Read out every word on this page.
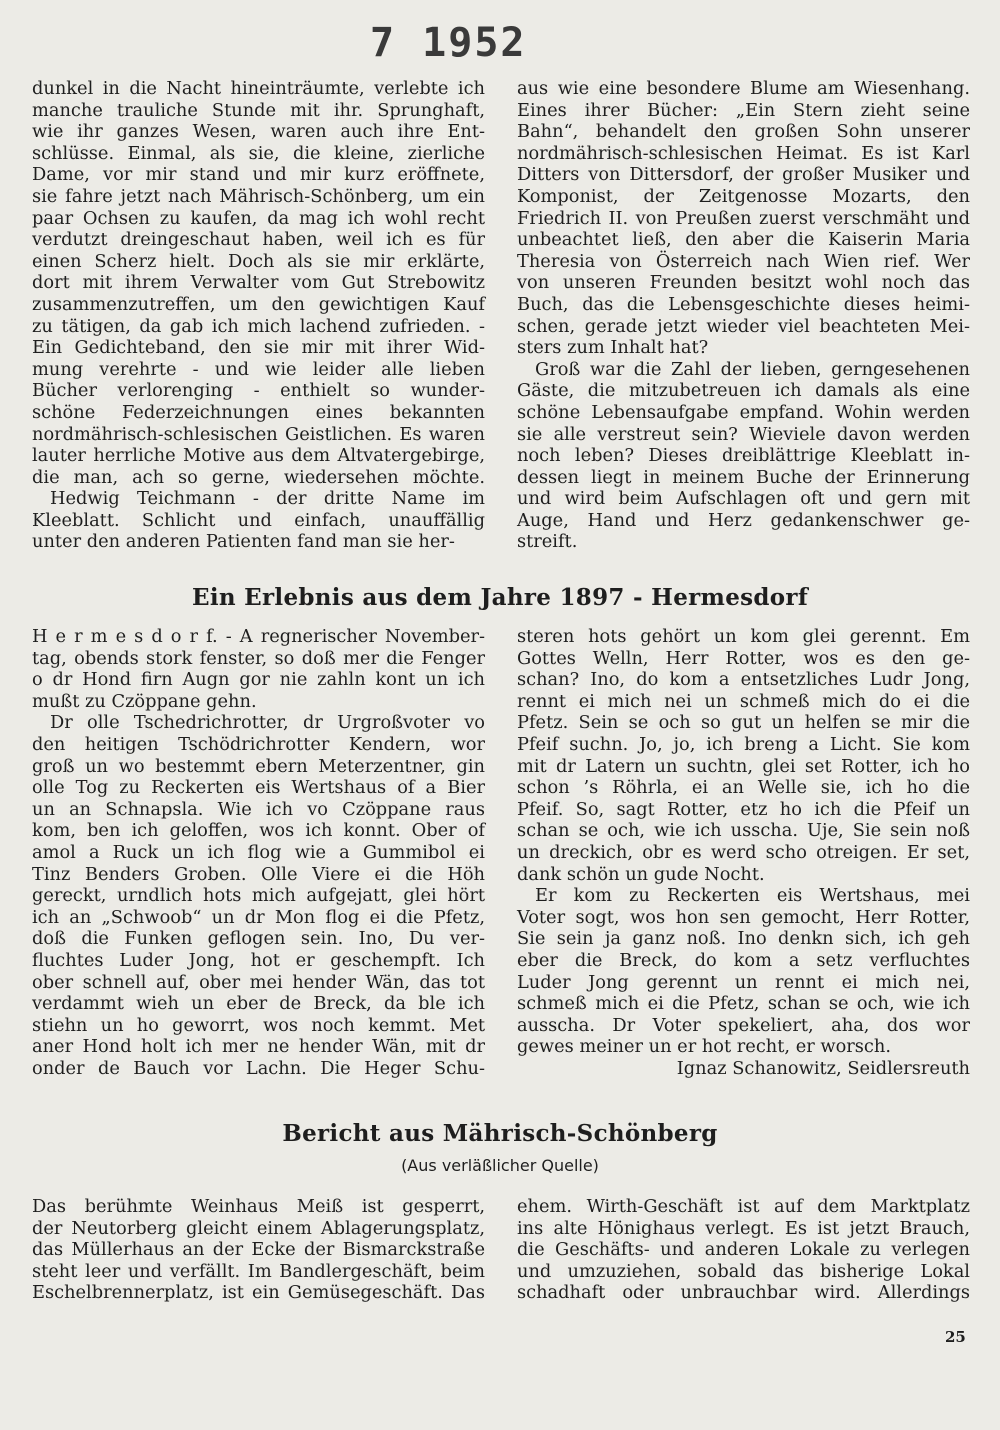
7 1952

dunkel in die Nacht hineinträumte, verlebte ich

manche trauliche Stunde mit ihr. Sprunghaft,

wie ihr ganzes Wesen, waren auch ihre Ent-

schlüsse. Einmal, als sie, die kleine, zierliche

Dame, vor mir stand und mir kurz eröffnete,

sie fahre jetzt nach Mährisch-Schönberg, um ein

paar Ochsen zu kaufen, da mag ich wohl recht

verdutzt dreingeschaut haben, weil ich es für

einen Scherz hielt. Doch als sie mir erklärte,

dort mit ihrem Verwalter vom Gut Strebowitz

zusammenzutreffen, um den gewichtigen Kauf

zu tätigen, da gab ich mich lachend zufrieden. -

Ein Gedichteband, den sie mir mit ihrer Wid-

mung verehrte - und wie leider alle lieben

Bücher verlorenging - enthielt so wunder-

schöne Federzeichnungen eines bekannten

nordmährisch-schlesischen Geistlichen. Es waren

lauter herrliche Motive aus dem Altvatergebirge,

die man, ach so gerne, wiedersehen möchte.

Hedwig Teichmann - der dritte Name im

Kleeblatt. Schlicht und einfach, unauffällig

unter den anderen Patienten fand man sie her-

aus wie eine besondere Blume am Wiesenhang.

Eines ihrer Bücher: „Ein Stern zieht seine

Bahn“, behandelt den großen Sohn unserer

nordmährisch-schlesischen Heimat. Es ist Karl

Ditters von Dittersdorf, der großer Musiker und

Komponist, der Zeitgenosse Mozarts, den

Friedrich II. von Preußen zuerst verschmäht und

unbeachtet ließ, den aber die Kaiserin Maria

Theresia von Österreich nach Wien rief. Wer

von unseren Freunden besitzt wohl noch das

Buch, das die Lebensgeschichte dieses heimi-

schen, gerade jetzt wieder viel beachteten Mei-

sters zum Inhalt hat?

Groß war die Zahl der lieben, gerngesehenen

Gäste, die mitzubetreuen ich damals als eine

schöne Lebensaufgabe empfand. Wohin werden

sie alle verstreut sein? Wieviele davon werden

noch leben? Dieses dreiblättrige Kleeblatt in-

dessen liegt in meinem Buche der Erinnerung

und wird beim Aufschlagen oft und gern mit

Auge, Hand und Herz gedankenschwer ge-

streift.

Ein Erlebnis aus dem Jahre 1897 - Hermesdorf

H e r m e s d o r f. - A regnerischer November-

tag, obends stork fenster, so doß mer die Fenger

o dr Hond firn Augn gor nie zahln kont un ich

mußt zu Czöppane gehn.

Dr olle Tschedrichrotter, dr Urgroßvoter vo

den heitigen Tschödrichrotter Kendern, wor

groß un wo bestemmt ebern Meterzentner, gin

olle Tog zu Reckerten eis Wertshaus of a Bier

un an Schnapsla. Wie ich vo Czöppane raus

kom, ben ich geloffen, wos ich konnt. Ober of

amol a Ruck un ich flog wie a Gummibol ei

Tinz Benders Groben. Olle Viere ei die Höh

gereckt, urndlich hots mich aufgejatt, glei hört

ich an „Schwoob“ un dr Mon flog ei die Pfetz,

doß die Funken geflogen sein. Ino, Du ver-

fluchtes Luder Jong, hot er geschempft. Ich

ober schnell auf, ober mei hender Wän, das tot

verdammt wieh un eber de Breck, da ble ich

stiehn un ho geworrt, wos noch kemmt. Met

aner Hond holt ich mer ne hender Wän, mit dr

onder de Bauch vor Lachn. Die Heger Schu-

steren hots gehört un kom glei gerennt. Em

Gottes Welln, Herr Rotter, wos es den ge-

schan? Ino, do kom a entsetzliches Ludr Jong,

rennt ei mich nei un schmeß mich do ei die

Pfetz. Sein se och so gut un helfen se mir die

Pfeif suchn. Jo, jo, ich breng a Licht. Sie kom

mit dr Latern un suchtn, glei set Rotter, ich ho

schon ’s Röhrla, ei an Welle sie, ich ho die

Pfeif. So, sagt Rotter, etz ho ich die Pfeif un

schan se och, wie ich usscha. Uje, Sie sein noß

un dreckich, obr es werd scho otreigen. Er set,

dank schön un gude Nocht.

Er kom zu Reckerten eis Wertshaus, mei

Voter sogt, wos hon sen gemocht, Herr Rotter,

Sie sein ja ganz noß. Ino denkn sich, ich geh

eber die Breck, do kom a setz verfluchtes

Luder Jong gerennt un rennt ei mich nei,

schmeß mich ei die Pfetz, schan se och, wie ich

ausscha. Dr Voter spekeliert, aha, dos wor

gewes meiner un er hot recht, er worsch.

Ignaz Schanowitz, Seidlersreuth

Bericht aus Mährisch-Schönberg

(Aus verläßlicher Quelle)

Das berühmte Weinhaus Meiß ist gesperrt,

der Neutorberg gleicht einem Ablagerungsplatz,

das Müllerhaus an der Ecke der Bismarckstraße

steht leer und verfällt. Im Bandlergeschäft, beim

Eschelbrennerplatz, ist ein Gemüsegeschäft. Das

ehem. Wirth-Geschäft ist auf dem Marktplatz

ins alte Hönighaus verlegt. Es ist jetzt Brauch,

die Geschäfts- und anderen Lokale zu verlegen

und umzuziehen, sobald das bisherige Lokal

schadhaft oder unbrauchbar wird. Allerdings

25
